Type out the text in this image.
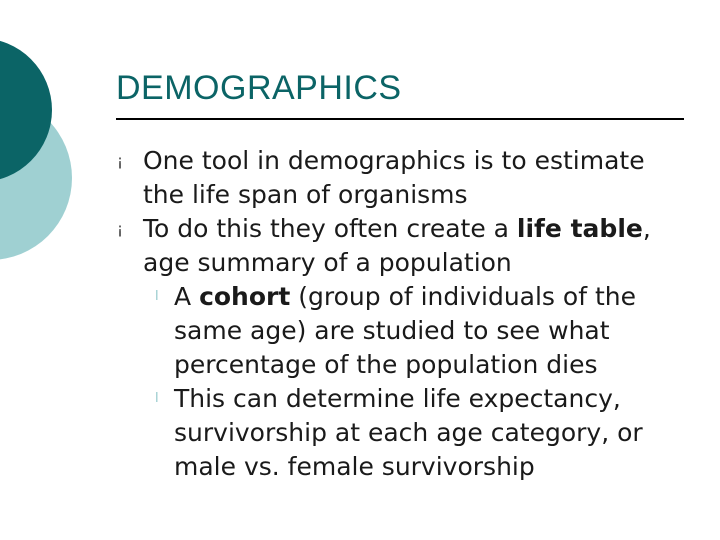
DEMOGRAPHICS
¡ One tool in demographics is to estimate the life span of organisms
¡ To do this they often create a life table, age summary of a population
l A cohort (group of individuals of the same age) are studied to see what percentage of the population dies
l This can determine life expectancy, survivorship at each age category, or male vs. female survivorship
